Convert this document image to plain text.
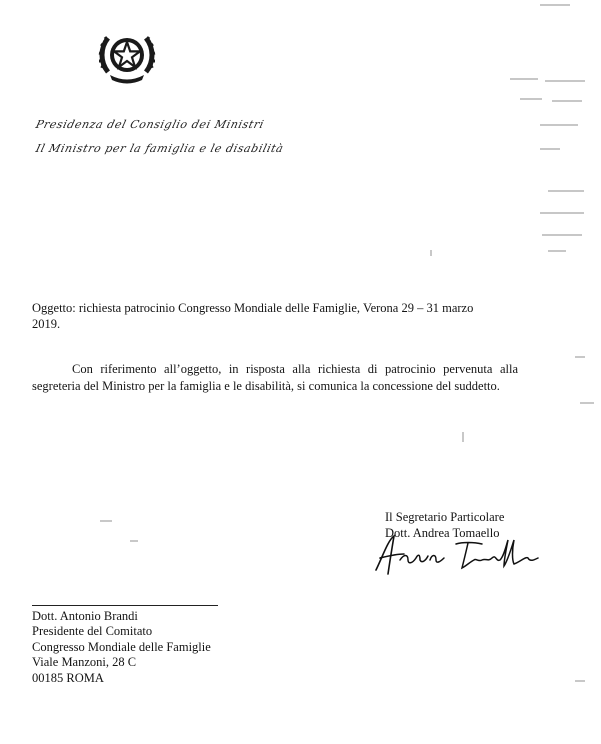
Presidenza del Consiglio dei Ministri
Il Ministro per la famiglia e le disabilità

Oggetto: richiesta patrocinio Congresso Mondiale delle Famiglie, Verona 29 – 31 marzo 2019.

Con riferimento all’oggetto, in risposta alla richiesta di patrocinio pervenuta alla segreteria del Ministro per la famiglia e le disabilità, si comunica la concessione del suddetto.

Il Segretario Particolare
Dott. Andrea Tomaello
Dott. Antonio Brandi
Presidente del Comitato
Congresso Mondiale delle Famiglie
Viale Manzoni, 28 C
00185 ROMA
